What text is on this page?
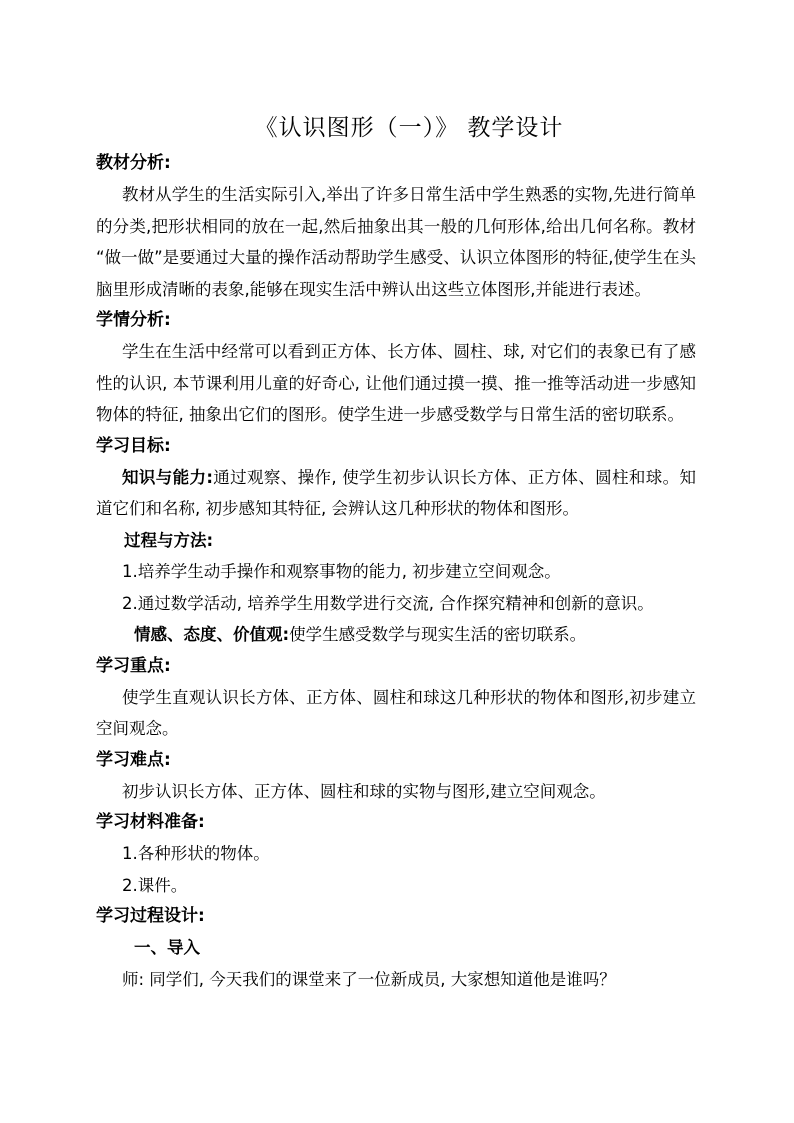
《认识图形（一）》 教学设计
教材分析:

教材从学生的生活实际引入,举出了许多日常生活中学生熟悉的实物,先进行简单的分类,把形状相同的放在一起,然后抽象出其一般的几何形体,给出几何名称。教材 “做一做”是要通过大量的操作活动帮助学生感受、认识立体图形的特征,使学生在头脑里形成清晰的表象,能够在现实生活中辨认出这些立体图形,并能进行表述。

学情分析:

学生在生活中经常可以看到正方体、长方体、圆柱、球, 对它们的表象已有了感性的认识, 本节课利用儿童的好奇心, 让他们通过摸一摸、推一推等活动进一步感知物体的特征, 抽象出它们的图形。使学生进一步感受数学与日常生活的密切联系。

学习目标:

知识与能力:通过观察、操作, 使学生初步认识长方体、正方体、圆柱和球。知道它们和名称, 初步感知其特征, 会辨认这几种形状的物体和图形。

过程与方法:

1.培养学生动手操作和观察事物的能力, 初步建立空间观念。

2.通过数学活动, 培养学生用数学进行交流, 合作探究精神和创新的意识。

情感、态度、价值观:使学生感受数学与现实生活的密切联系。

学习重点:

使学生直观认识长方体、正方体、圆柱和球这几种形状的物体和图形,初步建立空间观念。

学习难点:

初步认识长方体、正方体、圆柱和球的实物与图形,建立空间观念。

学习材料准备:

1.各种形状的物体。

2.课件。

学习过程设计:
一、导入

师: 同学们, 今天我们的课堂来了一位新成员, 大家想知道他是谁吗？
